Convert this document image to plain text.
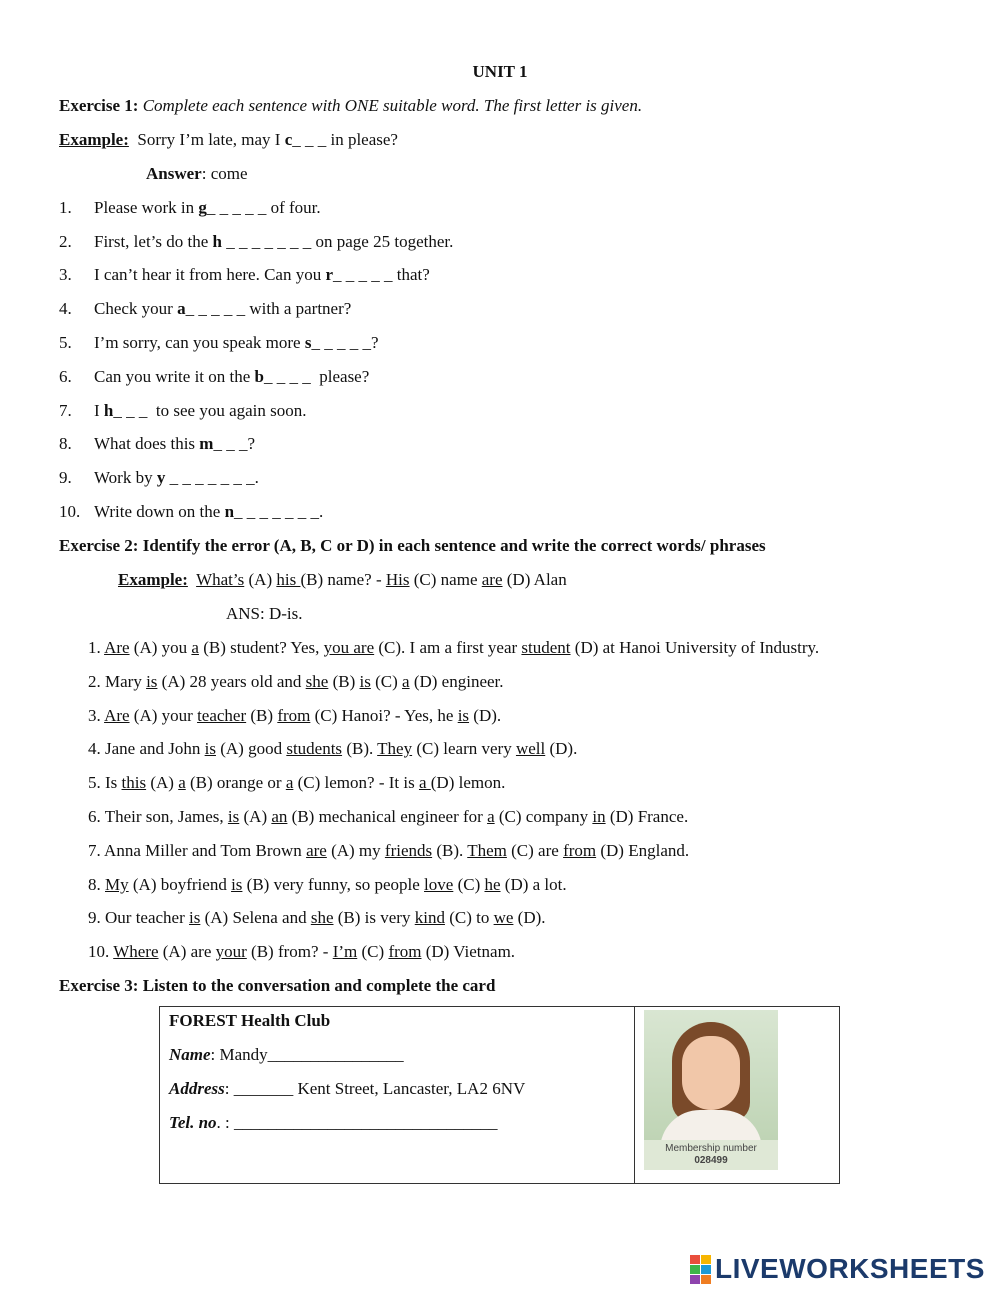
UNIT 1
Exercise 1: Complete each sentence with ONE suitable word. The first letter is given.
Example: Sorry I’m late, may I c_ _ _ in please?
Answer: come
1. Please work in g_ _ _ _ _ of four.
2. First, let’s do the h _ _ _ _ _ _ _ on page 25 together.
3. I can’t hear it from here. Can you r_ _ _ _ _ that?
4. Check your a_ _ _ _ _ with a partner?
5. I’m sorry, can you speak more s_ _ _ _ _?
6. Can you write it on the b_ _ _ _  please?
7. I h_ _ _  to see you again soon.
8. What does this m_ _ _?
9. Work by y _ _ _ _ _ _ _.
10. Write down on the n_ _ _ _ _ _ _.
Exercise 2: Identify the error (A, B, C or D) in each sentence and write the correct words/ phrases
Example: What’s (A) his (B) name? - His (C) name are (D) Alan
ANS: D-is.
1. Are (A) you a (B) student? Yes, you are (C). I am a first year student (D) at Hanoi University of Industry.
2. Mary is (A) 28 years old and she (B) is (C) a (D) engineer.
3. Are (A) your teacher (B) from (C) Hanoi? - Yes, he is (D).
4. Jane and John is (A) good students (B). They (C) learn very well (D).
5. Is this (A) a (B) orange or a (C) lemon? - It is a (D) lemon.
6. Their son, James, is (A) an (B) mechanical engineer for a (C) company in (D) France.
7. Anna Miller and Tom Brown are (A) my friends (B). Them (C) are from (D) England.
8. My (A) boyfriend is (B) very funny, so people love (C) he (D) a lot.
9. Our teacher is (A) Selena and she (B) is very kind (C) to we (D).
10. Where (A) are your (B) from? - I’m (C) from (D) Vietnam.
Exercise 3: Listen to the conversation and complete the card
FOREST Health Club
Name: Mandy________________
Address: _______ Kent Street, Lancaster, LA2 6NV
Tel. no. : _______________________________
Membership number
028499
LIVEWORKSHEETS
